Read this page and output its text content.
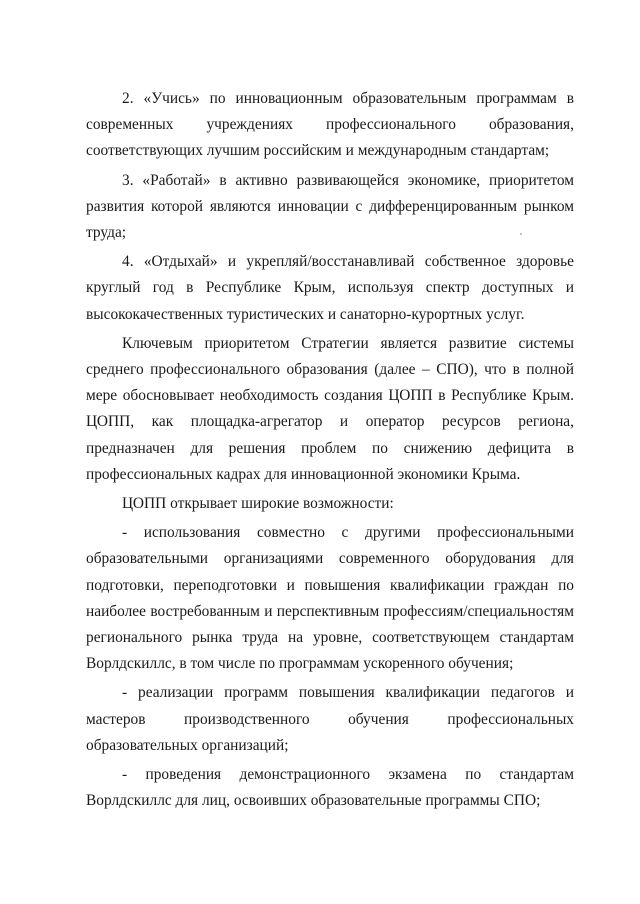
2. «Учись» по инновационным образовательным программам в современных учреждениях профессионального образования, соответствующих лучшим российским и международным стандартам;

3. «Работай» в активно развивающейся экономике, приоритетом развития которой являются инновации с дифференцированным рынком труда;

4. «Отдыхай» и укрепляй/восстанавливай собственное здоровье круглый год в Республике Крым, используя спектр доступных и высококачественных туристических и санаторно-курортных услуг.

Ключевым приоритетом Стратегии является развитие системы среднего профессионального образования (далее – СПО), что в полной мере обосновывает необходимость создания ЦОПП в Республике Крым. ЦОПП, как площадка-агрегатор и оператор ресурсов региона, предназначен для решения проблем по снижению дефицита в профессиональных кадрах для инновационной экономики Крыма.

ЦОПП открывает широкие возможности:

- использования совместно с другими профессиональными образовательными организациями современного оборудования для подготовки, переподготовки и повышения квалификации граждан по наиболее востребованным и перспективным профессиям/специальностям регионального рынка труда на уровне, соответствующем стандартам Ворлдскиллс, в том числе по программам ускоренного обучения;

- реализации программ повышения квалификации педагогов и мастеров производственного обучения профессиональных образовательных организаций;

- проведения демонстрационного экзамена по стандартам Ворлдскиллс для лиц, освоивших образовательные программы СПО;
